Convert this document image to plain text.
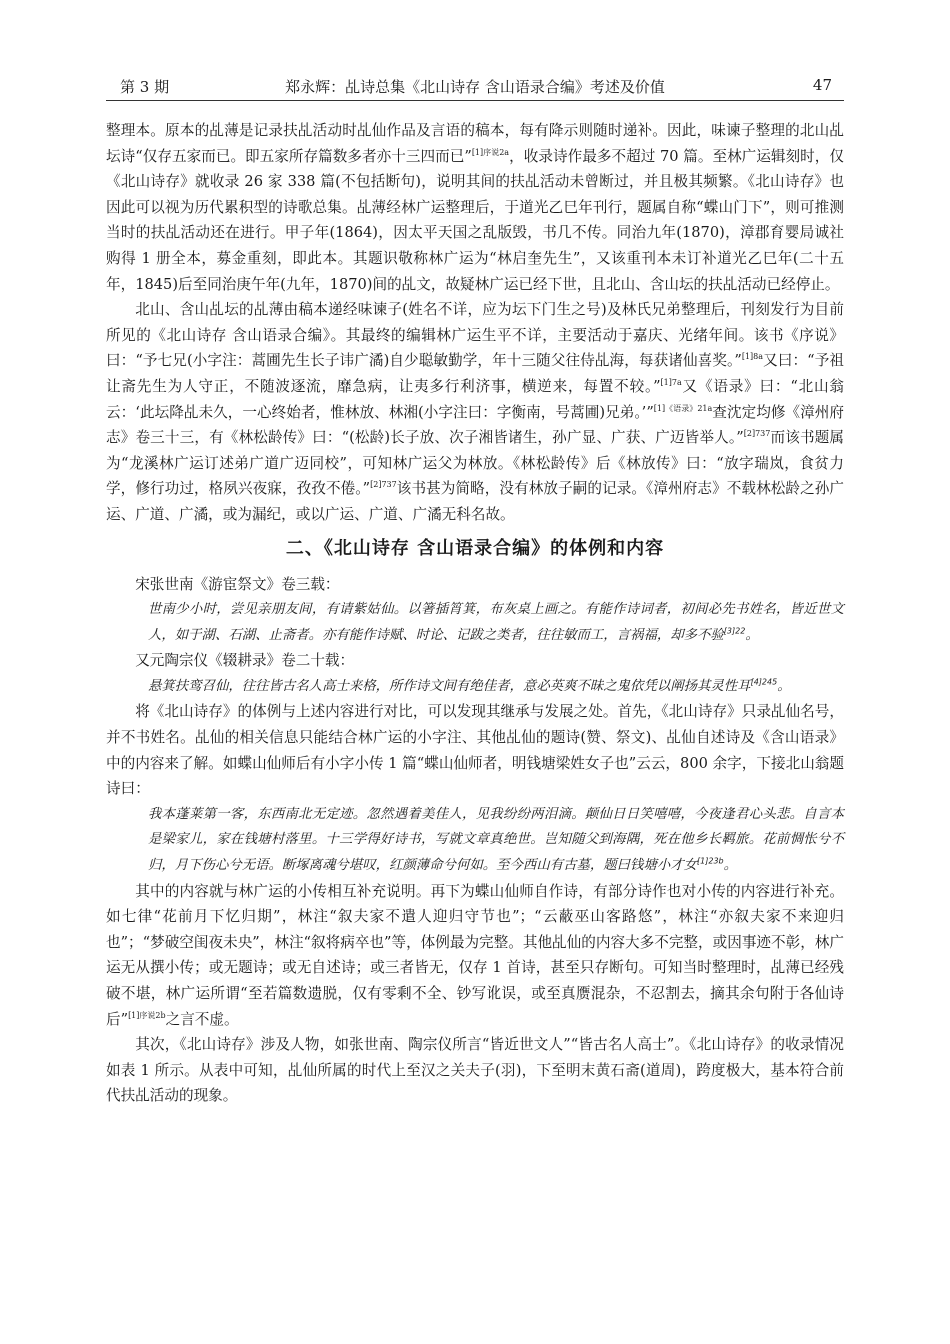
第 3 期	郑永辉：乩诗总集《北山诗存 含山语录合编》考述及价值	47

整理本。原本的乩薄是记录扶乩活动时乩仙作品及言语的稿本，每有降示则随时递补。因此，味谏子整理的北山乩坛诗“仅存五家而已。即五家所存篇数多者亦十三四而已”$^{[1]序说2a}$，收录诗作最多不超过 70 篇。至林广运辑刻时，仅《北山诗存》就收录 26 家 338 篇(不包括断句)，说明其间的扶乩活动未曾断过，并且极其频繁。《北山诗存》也因此可以视为历代累积型的诗歌总集。乩薄经林广运整理后，于道光乙巳年刊行，题属自称“蝶山门下”，则可推测当时的扶乩活动还在进行。甲子年(1864)，因太平天国之乱版毁，书几不传。同治九年(1870)，漳郡育婴局诚社购得 1 册全本，募金重刻，即此本。其题识敬称林广运为“林启奎先生”，又该重刊本未订补道光乙巳年(二十五年，1845)后至同治庚午年(九年，1870)间的乩文，故疑林广运已经下世，且北山、含山坛的扶乩活动已经停止。

北山、含山乩坛的乩薄由稿本递经味谏子(姓名不详，应为坛下门生之号)及林氏兄弟整理后，刊刻发行为目前所见的《北山诗存 含山语录合编》。其最终的编辑林广运生平不详，主要活动于嘉庆、光绪年间。该书《序说》曰：“予七兄(小字注：蒿圃先生长子讳广潏)自少聪敏勤学，年十三随父往侍乩海，每获诸仙喜奖。”$^{[1]8a}$又曰：“予祖让斋先生为人守正，不随波逐流，靡急病，让夷多行利济事，横逆来，每置不较。”$^{[1]7a}$又《语录》曰：“北山翁云：‘此坛降乩未久，一心终始者，惟林放、林湘(小字注曰：字衡南，号蒿圃)兄弟。’”$^{[1]《语录》21a}$查沈定均修《漳州府志》卷三十三，有《林松龄传》曰：“(松龄)长子放、次子湘皆诸生，孙广显、广获、广迈皆举人。”$^{[2]737}$而该书题属为“龙溪林广运订述弟广道广迈同校”，可知林广运父为林放。《林松龄传》后《林放传》曰：“放字瑞岚，食贫力学，修行功过，格夙兴夜寐，孜孜不倦。”$^{[2]737}$该书甚为简略，没有林放子嗣的记录。《漳州府志》不载林松龄之孙广运、广道、广潏，或为漏纪，或以广运、广道、广潏无科名故。

二、《北山诗存 含山语录合编》的体例和内容

宋张世南《游宦祭文》卷三载：

世南少小时，尝见亲朋友间，有请紫姑仙。以箸插筲箕，布灰桌上画之。有能作诗词者，初间必先书姓名，皆近世文人，如于湖、石湖、止斋者。亦有能作诗赋、时论、记跋之类者，往往敏而工，言祸福，却多不验$^{[3]22}$。

又元陶宗仪《辍耕录》卷二十载：

悬箕扶鸾召仙，往往皆古名人高士来格，所作诗文间有绝佳者，意必英爽不昧之鬼依凭以阐扬其灵性耳$^{[4]245}$。

将《北山诗存》的体例与上述内容进行对比，可以发现其继承与发展之处。首先，《北山诗存》只录乩仙名号，并不书姓名。乩仙的相关信息只能结合林广运的小字注、其他乩仙的题诗(赞、祭文)、乩仙自述诗及《含山语录》中的内容来了解。如蝶山仙师后有小字小传 1 篇“蝶山仙师者，明钱塘梁姓女子也”云云，800 余字，下接北山翁题诗曰：

我本蓬莱第一客，东西南北无定迹。忽然遇着美佳人，见我纷纷两泪滴。颠仙日日笑嘻嘻，今夜逢君心头悲。自言本是梁家儿，家在钱塘村落里。十三学得好诗书，写就文章真绝世。岂知随父到海隅，死在他乡长羁旅。花前惆怅兮不归，月下伤心兮无语。断塚离魂兮堪叹，红颜薄命兮何如。至今西山有古墓，题曰钱塘小才女$^{[1]23b}$。

其中的内容就与林广运的小传相互补充说明。再下为蝶山仙师自作诗，有部分诗作也对小传的内容进行补充。如七律“花前月下忆归期”，林注“叙夫家不遣人迎归守节也”；“云蔽巫山客路悠”，林注“亦叙夫家不来迎归也”；“梦破空闺夜未央”，林注“叙将病卒也”等，体例最为完整。其他乩仙的内容大多不完整，或因事迹不彰，林广运无从撰小传；或无题诗；或无自述诗；或三者皆无，仅存 1 首诗，甚至只存断句。可知当时整理时，乩薄已经残破不堪，林广运所谓“至若篇数遗脱，仅有零剩不全、钞写讹误，或至真赝混杂，不忍割去，摘其余句附于各仙诗后”$^{[1]序说2b}$之言不虚。

其次，《北山诗存》涉及人物，如张世南、陶宗仪所言“皆近世文人”“皆古名人高士”。《北山诗存》的收录情况如表 1 所示。从表中可知，乩仙所属的时代上至汉之关夫子(羽)，下至明末黄石斋(道周)，跨度极大，基本符合前代扶乩活动的现象。
